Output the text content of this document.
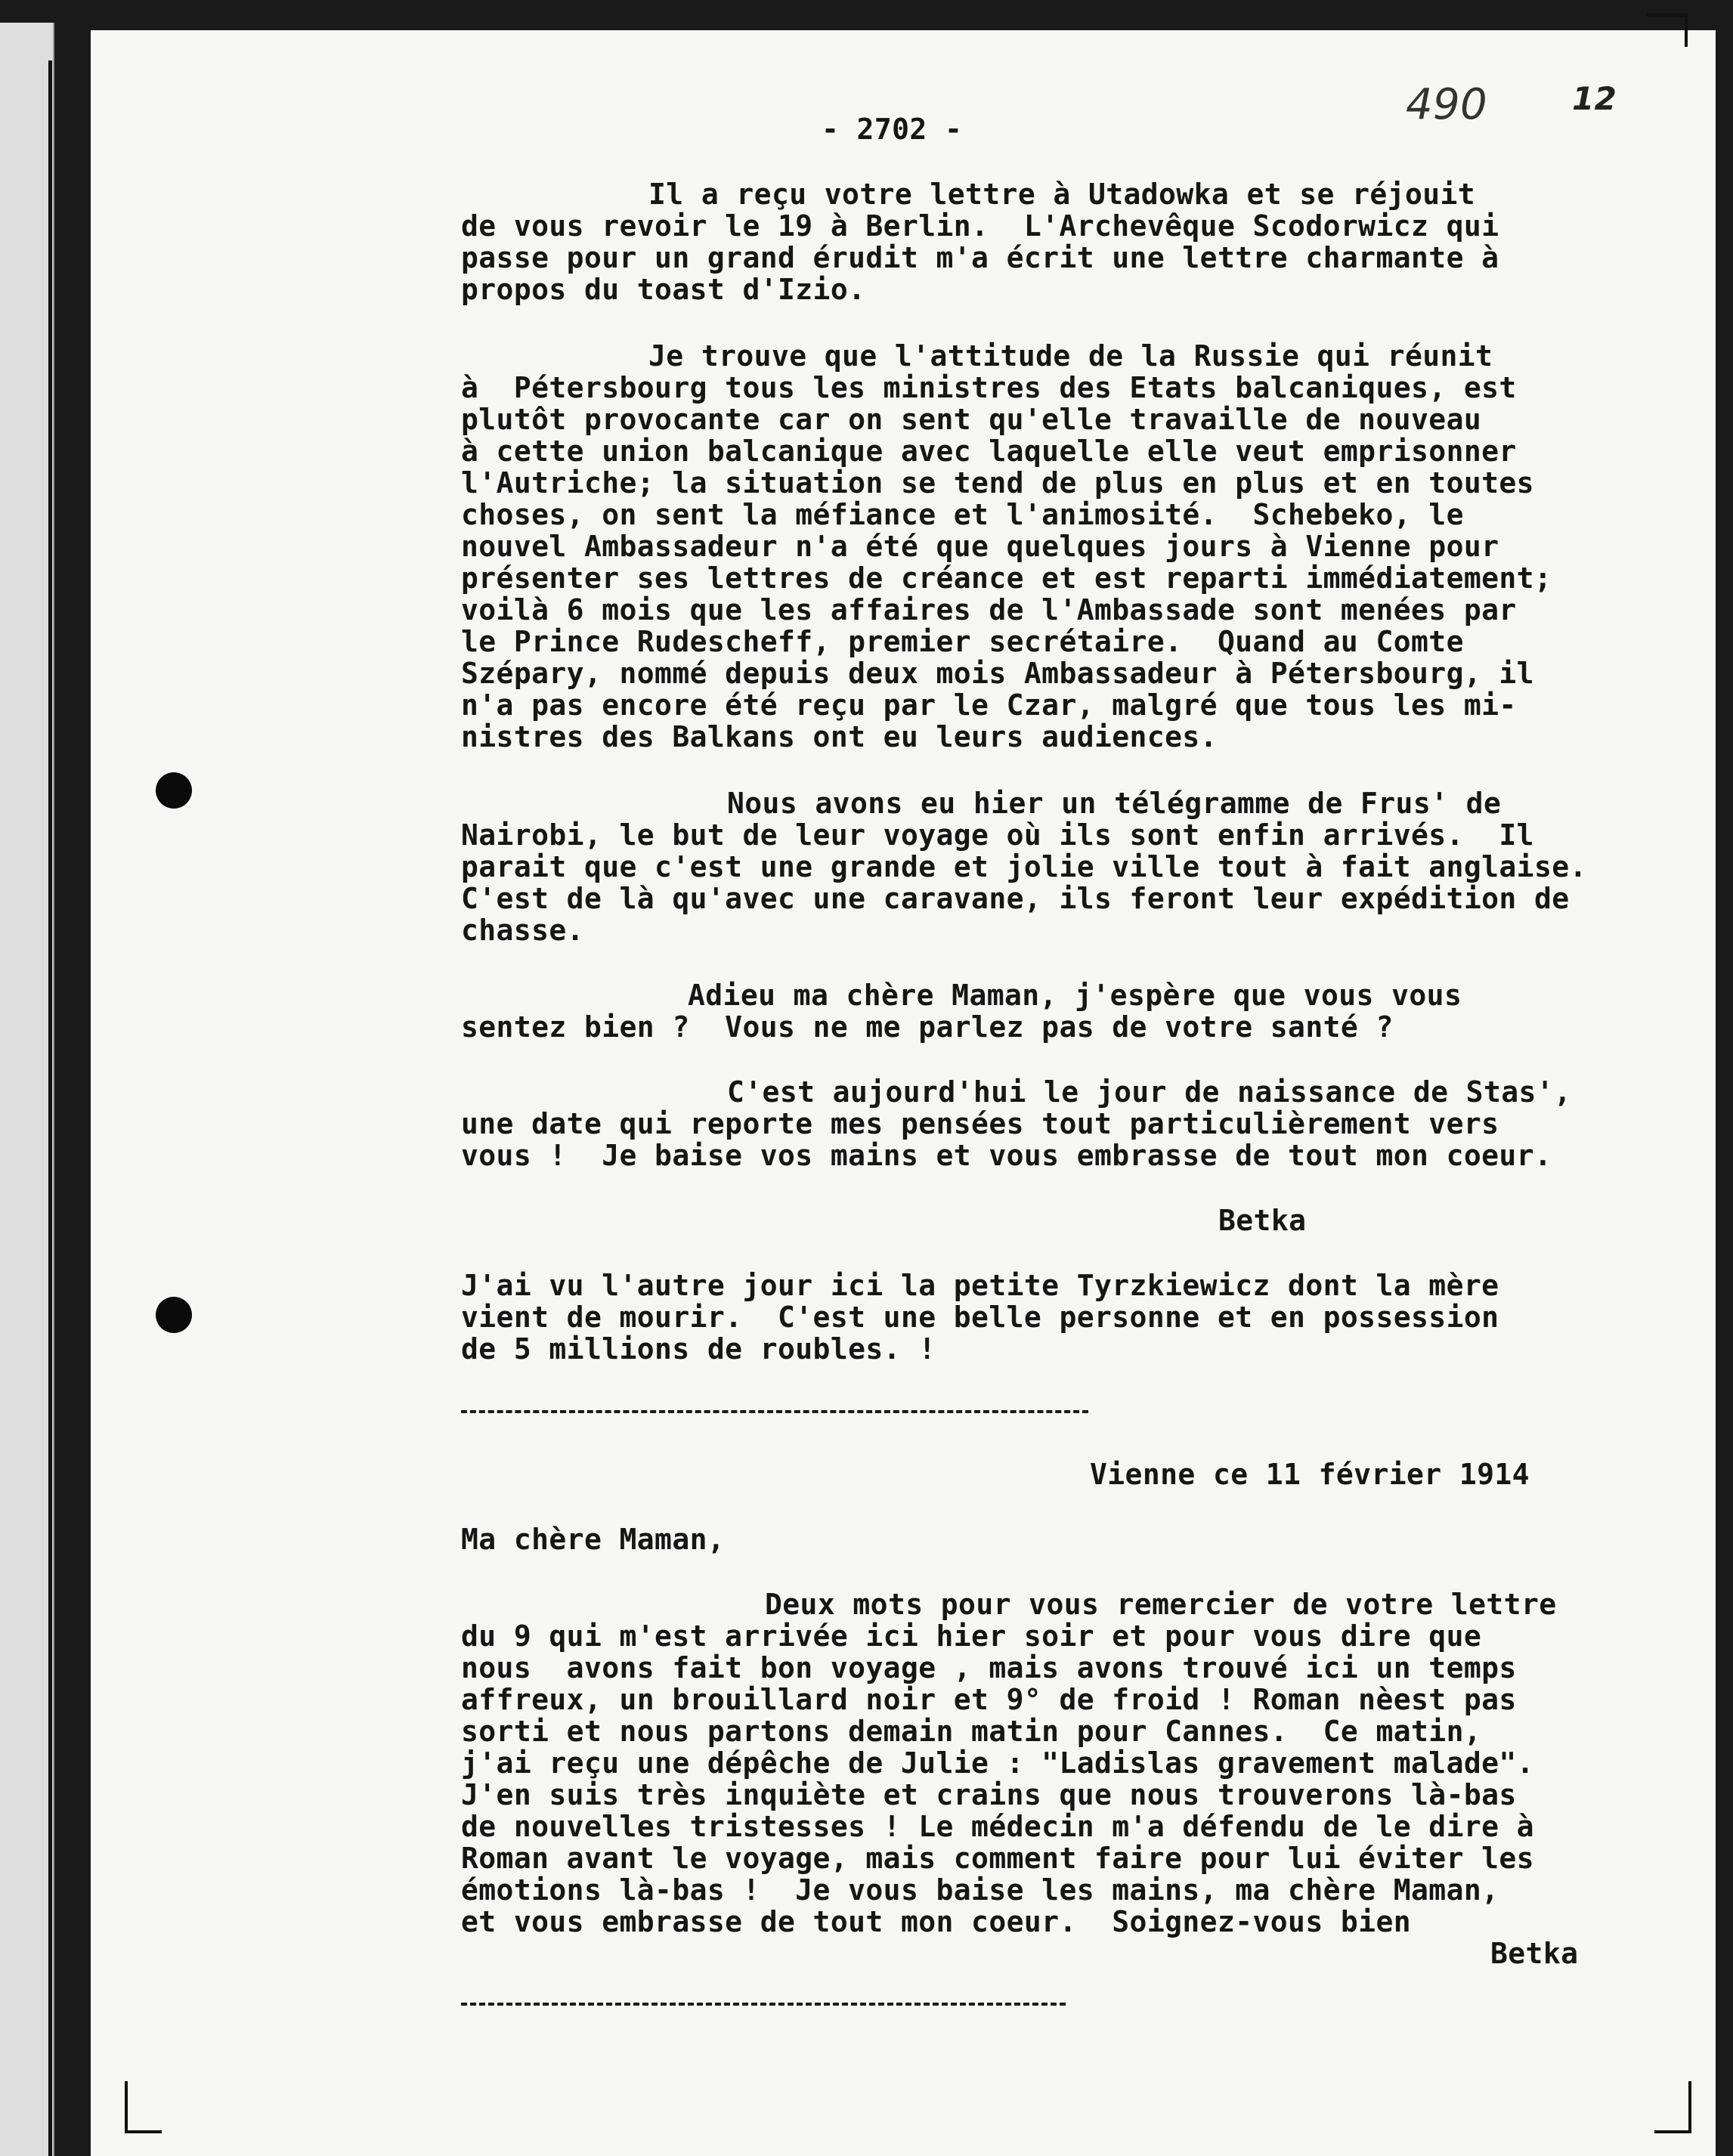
- 2702 -	490	12
Il a reçu votre lettre à Utadowka et se réjouit
de vous revoir le 19 à Berlin.  L'Archevêque Scodorwicz qui
passe pour un grand érudit m'a écrit une lettre charmante à
propos du toast d'Izio.
Je trouve que l'attitude de la Russie qui réunit
à  Pétersbourg tous les ministres des Etats balcaniques, est
plutôt provocante car on sent qu'elle travaille de nouveau
à cette union balcanique avec laquelle elle veut emprisonner
l'Autriche; la situation se tend de plus en plus et en toutes
choses, on sent la méfiance et l'animosité.  Schebeko, le
nouvel Ambassadeur n'a été que quelques jours à Vienne pour
présenter ses lettres de créance et est reparti immédiatement;
voilà 6 mois que les affaires de l'Ambassade sont menées par
le Prince Rudescheff, premier secrétaire.  Quand au Comte
Szépary, nommé depuis deux mois Ambassadeur à Pétersbourg, il
n'a pas encore été reçu par le Czar, malgré que tous les mi-
nistres des Balkans ont eu leurs audiences.
Nous avons eu hier un télégramme de Frus' de
Nairobi, le but de leur voyage où ils sont enfin arrivés.  Il
parait que c'est une grande et jolie ville tout à fait anglaise.
C'est de là qu'avec une caravane, ils feront leur expédition de
chasse.
Adieu ma chère Maman, j'espère que vous vous
sentez bien ?  Vous ne me parlez pas de votre santé ?
C'est aujourd'hui le jour de naissance de Stas',
une date qui reporte mes pensées tout particulièrement vers
vous !  Je baise vos mains et vous embrasse de tout mon coeur.
Betka
J'ai vu l'autre jour ici la petite Tyrzkiewicz dont la mère
vient de mourir.  C'est une belle personne et en possession
de 5 millions de roubles. !
Vienne ce 11 février 1914
Ma chère Maman,
Deux mots pour vous remercier de votre lettre
du 9 qui m'est arrivée ici hier soir et pour vous dire que
nous  avons fait bon voyage , mais avons trouvé ici un temps
affreux, un brouillard noir et 9° de froid ! Roman nèest pas
sorti et nous partons demain matin pour Cannes.  Ce matin,
j'ai reçu une dépêche de Julie : "Ladislas gravement malade".
J'en suis très inquiète et crains que nous trouverons là-bas
de nouvelles tristesses ! Le médecin m'a défendu de le dire à
Roman avant le voyage, mais comment faire pour lui éviter les
émotions là-bas !  Je vous baise les mains, ma chère Maman,
et vous embrasse de tout mon coeur.  Soignez-vous bien
Betka
